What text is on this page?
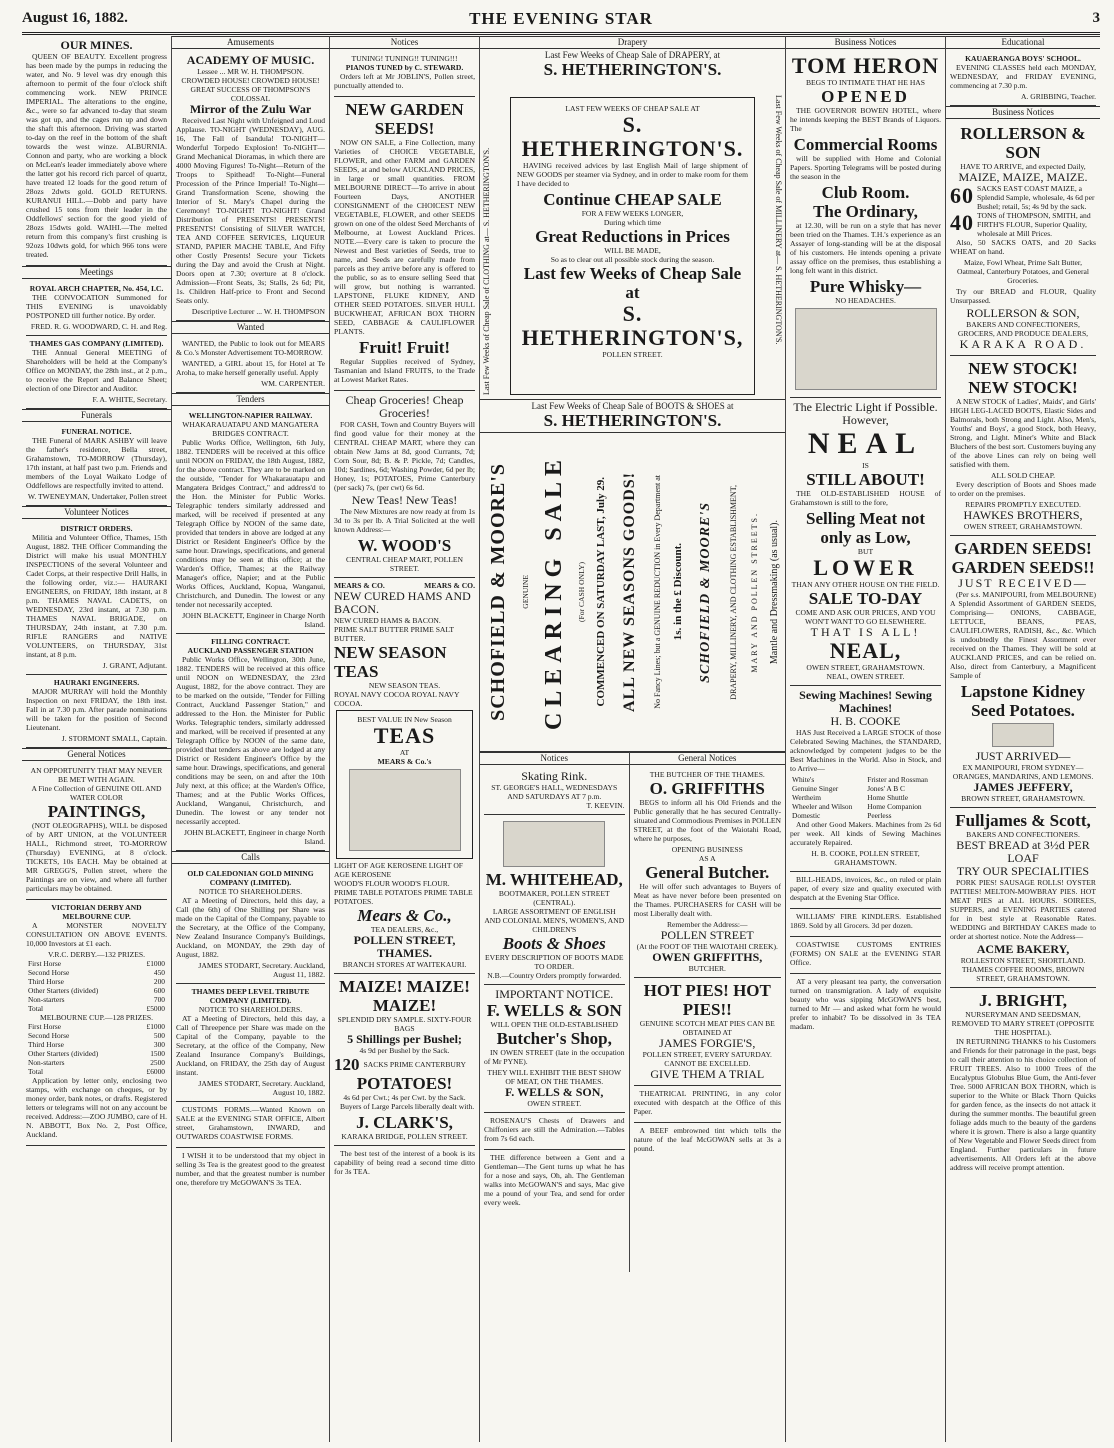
August 16, 1882.	THE EVENING STAR	3
OUR MINES.

QUEEN OF BEAUTY. Excellent progress has been made by the pumps in reducing the water, and No. 9 level was dry enough this afternoon to permit of the four o'clock shift commencing work. NEW PRINCE IMPERIAL. The alterations to the engine, &c., were so far advanced to-day that steam was got up, and the cages run up and down the shaft this afternoon. Driving was started to-day on the reef in the bottom of the shaft towards the west winze. ALBURNIA. Connon and party, who are working a block on McLean's leader immediately above where the latter got his record rich parcel of quartz, have treated 12 loads for the good return of 28ozs 2dwts gold. GOLD RETURNS. KURANUI HILL.—Dobb and party have crushed 15 tons from their leader in the Oddfellows' section for the good yield of 28ozs 15dwts gold. WAIHI.—The melted return from this company's first crushing is 92ozs 10dwts gold, for which 966 tons were treated.

Meetings
ROYAL ARCH CHAPTER, No. 454, I.C.

THE CONVOCATION Summoned for THIS EVENING is unavoidably POSTPONED till further notice. By order.

FRED. R. G. WOODWARD, C. H. and Reg.
THAMES GAS COMPANY (LIMITED).

THE Annual General MEETING of Shareholders will be held at the Company's Office on MONDAY, the 28th inst., at 2 p.m., to receive the Report and Balance Sheet; election of one Director and Auditor.

F. A. WHITE, Secretary.
Funerals
FUNERAL NOTICE.

THE Funeral of MARK ASHBY will leave the father's residence, Bella street, Grahamstown, TO-MORROW (Thursday), 17th instant, at half past two p.m. Friends and members of the Loyal Waikato Lodge of Oddfellows are respectfully invited to attend.

W. TWENEYMAN, Undertaker, Pollen street
Volunteer Notices
DISTRICT ORDERS.

Militia and Volunteer Office, Thames, 15th August, 1882. THE Officer Commanding the District will make his usual MONTHLY INSPECTIONS of the several Volunteer and Cadet Corps, at their respective Drill Halls, in the following order, viz.:— HAURAKI ENGINEERS, on FRIDAY, 18th instant, at 8 p.m. THAMES NAVAL CADETS, on WEDNESDAY, 23rd instant, at 7.30 p.m. THAMES NAVAL BRIGADE, on THURSDAY, 24th instant, at 7.30 p.m. RIFLE RANGERS and NATIVE VOLUNTEERS, on THURSDAY, 31st instant, at 8 p.m.

J. GRANT, Adjutant.
HAURAKI ENGINEERS.

MAJOR MURRAY will hold the Monthly Inspection on next FRIDAY, the 18th inst. Fall in at 7.30 p.m. After parade nominations will be taken for the position of Second Lieutenant.

J. STORMONT SMALL, Captain.
General Notices
AN OPPORTUNITY THAT MAY NEVER BE MET WITH AGAIN.
A Fine Collection of GENUINE OIL AND WATER COLOR
PAINTINGS,

(NOT OLEOGRAPHS), WILL be disposed of by ART UNION, at the VOLUNTEER HALL, Richmond street, TO-MORROW (Thursday) EVENING, at 8 o'clock. TICKETS, 10s EACH. May be obtained at MR GREGG'S, Pollen street, where the Paintings are on view, and where all further particulars may be obtained.

VICTORIAN DERBY AND MELBOURNE CUP.

A MONSTER NOVELTY CONSULTATION ON ABOVE EVENTS. 10,000 Investors at £1 each.

V.R.C. DERBY.—132 PRIZES.
First Horse	£1000
Second Horse	450
Third Horse	200
Other Starters (divided)	600
Non-starters	700
Total	£5000
MELBOURNE CUP.—128 PRIZES.
First Horse	£1000
Second Horse	500
Third Horse	300
Other Starters (divided)	1500
Non-starters	2500
Total	£6000

Application by letter only, enclosing two stamps, with exchange on cheques, or by money order, bank notes, or drafts. Registered letters or telegrams will not on any account be received. Address:—ZOO JUMBO, care of H. N. ABBOTT, Box No. 2, Post Office, Auckland.

Amusements
ACADEMY OF MUSIC.
Lessee ... MR W. H. THOMPSON.
CROWDED HOUSE! CROWDED HOUSE!
GREAT SUCCESS OF THOMPSON'S COLOSSAL
Mirror of the Zulu War

Received Last Night with Unfeigned and Loud Applause. TO-NIGHT (WEDNESDAY), AUG. 16, The Fall of Isandula! TO-NIGHT—Wonderful Torpedo Explosion! To-NIGHT—Grand Mechanical Dioramas, in which there are 4000 Moving Figures! To-Night—Return of the Troops to Spithead! To-Night—Funeral Procession of the Prince Imperial! To-Night—Grand Transformation Scene, showing the Interior of St. Mary's Chapel during the Ceremony! TO-NIGHT! TO-NIGHT! Grand Distribution of PRESENTS! PRESENTS! PRESENTS! Consisting of SILVER WATCH, TEA AND COFFEE SERVICES, LIQUEUR STAND, PAPIER MACHE TABLE, And Fifty other Costly Presents! Secure your Tickets during the Day and avoid the Crush at Night. Doors open at 7.30; overture at 8 o'clock. Admission—Front Seats, 3s; Stalls, 2s 6d; Pit, 1s. Children Half-price to Front and Second Seats only.

Descriptive Lecturer ... W. H. THOMPSON
Wanted

WANTED, the Public to look out for MEARS & Co.'s Monster Advertisement TO-MORROW.

WANTED, a GIRL about 15, for Hotel at Te Aroha, to make herself generally useful. Apply

WM. CARPENTER.
Tenders
WELLINGTON-NAPIER RAILWAY.
WHAKARAUATAPU AND MANGATERA BRIDGES CONTRACT.

Public Works Office, Wellington, 6th July, 1882. TENDERS will be received at this office until NOON on FRIDAY, the 18th August, 1882, for the above contract. They are to be marked on the outside, "Tender for Whakarauatapu and Mangatera Bridges Contract," and address'd to the Hon. the Minister for Public Works. Telegraphic tenders similarly addressed and marked, will be received if presented at any Telegraph Office by NOON of the same date, provided that tenders in above are lodged at any District or Resident Engineer's Office by the same hour. Drawings, specifications, and general conditions may be seen at this office; at the Warden's Office, Thames; at the Railway Manager's office, Napier; and at the Public Works Offices, Auckland, Kopua, Wanganui, Christchurch, and Dunedin. The lowest or any tender not necessarily accepted.

JOHN BLACKETT, Engineer in Charge North Island.
FILLING CONTRACT.
AUCKLAND PASSENGER STATION

Public Works Office, Wellington, 30th June, 1882. TENDERS will be received at this office until NOON on WEDNESDAY, the 23rd August, 1882, for the above contract. They are to be marked on the outside, "Tender for Filling Contract, Auckland Passenger Station," and addressed to the Hon. the Minister for Public Works. Telegraphic tenders, similarly addressed and marked, will be received if presented at any Telegraph Office by NOON of the same date, provided that tenders as above are lodged at any District or Resident Engineer's Office by the same hour. Drawings, specifications, and general conditions may be seen, on and after the 10th July next, at this office; at the Warden's Office, Thames; and at the Public Works Offices, Auckland, Wanganui, Christchurch, and Dunedin. The lowest or any tender not necessarily accepted.

JOHN BLACKETT, Engineer in charge North Island.
Calls
OLD CALEDONIAN GOLD MINING COMPANY (LIMITED).
NOTICE TO SHAREHOLDERS.

AT a Meeting of Directors, held this day, a Call (the 6th) of One Shilling per Share was made on the Capital of the Company, payable to the Secretary, at the Office of the Company, New Zealand Insurance Company's Buildings, Auckland, on MONDAY, the 29th day of August, 1882.

JAMES STODART, Secretary. Auckland, August 11, 1882.
THAMES DEEP LEVEL TRIBUTE COMPANY (LIMITED).
NOTICE TO SHAREHOLDERS.

AT a Meeting of Directors, held this day, a Call of Threepence per Share was made on the Capital of the Company, payable to the Secretary, at the office of the Company, New Zealand Insurance Company's Buildings, Auckland, on FRIDAY, the 25th day of August instant.

JAMES STODART, Secretary. Auckland, August 10, 1882.

CUSTOMS FORMS.—Wanted Known on SALE at the EVENING STAR OFFICE, Albert street, Grahamstown, INWARD, and OUTWARDS COASTWISE FORMS.

I WISH it to be understood that my object in selling 3s Tea is the greatest good to the greatest number, and that the greatest number is number one, therefore try McGOWAN'S 3s TEA.

Notices
TUNING! TUNING!! TUNING!!!
PIANOS TUNED by C. STEWARD.

Orders left at Mr JOBLIN'S, Pollen street, punctually attended to.

NEW GARDEN SEEDS!

NOW ON SALE, a Fine Collection, many Varieties of CHOICE VEGETABLE, FLOWER, and other FARM and GARDEN SEEDS, at and below AUCKLAND PRICES, in large or small quantities. FROM MELBOURNE DIRECT—To arrive in about Fourteen Days, ANOTHER CONSIGNMENT of the CHOICEST NEW VEGETABLE, FLOWER, and other SEEDS grown on one of the oldest Seed Merchants of Melbourne, at Lowest Auckland Prices. NOTE.—Every care is taken to procure the Newest and Best varieties of Seeds, true to name, and Seeds are carefully made from parcels as they arrive before any is offered to the public, so as to ensure selling Seed that will grow, but nothing is warranted. LAPSTONE, FLUKE KIDNEY, AND OTHER SEED POTATOES. SILVER HULL BUCKWHEAT, AFRICAN BOX THORN SEED, CABBAGE & CAULIFLOWER PLANTS.

Fruit! Fruit!

Regular Supplies received of Sydney, Tasmanian and Island FRUITS, to the Trade at Lowest Market Rates.

Cheap Groceries! Cheap Groceries!

FOR CASH, Town and Country Buyers will find good value for their money at the CENTRAL CHEAP MART, where they can obtain New Jams at 8d, good Currants, 7d; Corn Sour, 8d; B. & P. Pickle, 7d; Candles, 10d; Sardines, 6d; Washing Powder, 6d per lb; Honey, 1s; POTATOES, Prime Canterbury (per sack) 7s, (per cwt) 6s 6d.

New Teas! New Teas!

The New Mixtures are now ready at from 1s 3d to 3s per lb. A Trial Solicited at the well known Address:—

W. WOOD'S
CENTRAL CHEAP MART, POLLEN STREET.
MEARS & CO.	MEARS & CO.
NEW CURED HAMS AND BACON.
NEW CURED HAMS & BACON.
PRIME SALT BUTTER PRIME SALT BUTTER.
NEW SEASON TEAS
NEW SEASON TEAS.
ROYAL NAVY COCOA ROYAL NAVY COCOA.
BEST VALUE IN New Season
TEAS
AT
MEARS & Co.'s
LIGHT OF AGE KEROSENE LIGHT OF AGE KEROSENE
WOOD'S FLOUR WOOD'S FLOUR.
PRIME TABLE POTATOES PRIME TABLE POTATOES.
Mears & Co.,
TEA DEALERS, &c.,
POLLEN STREET, THAMES.
BRANCH STORES AT WAITEKAURI.
MAIZE! MAIZE! MAIZE!
SPLENDID DRY SAMPLE. SIXTY-FOUR BAGS
5 Shillings per Bushel;
4s 9d per Bushel by the Sack.
120 SACKS PRIME CANTERBURY
POTATOES!
4s 6d per Cwt.; 4s per Cwt. by the Sack.

Buyers of Large Parcels liberally dealt with.

J. CLARK'S,
KARAKA BRIDGE, POLLEN STREET.

The best test of the interest of a book is its capability of being read a second time ditto for 3s TEA.

Drapery
Last Few Weeks of Cheap Sale of DRAPERY, at
S. HETHERINGTON'S.
Last Few Weeks of Cheap Sale of CLOTHING at— S. HETHERINGTON'S.	Last Few Weeks of Cheap Sale of MILLINERY at— S. HETHERINGTON'S.
LAST FEW WEEKS OF CHEAP SALE AT
S. HETHERINGTON'S.

HAVING received advices by last English Mail of large shipment of NEW GOODS per steamer via Sydney, and in order to make room for them I have decided to

Continue CHEAP SALE
FOR A FEW WEEKS LONGER,
During which time
Great Reductions in Prices
WILL BE MADE,
So as to clear out all possible stock during the season.
Last few Weeks of Cheap Sale at
S. HETHERINGTON'S,
POLLEN STREET.
Last Few Weeks of Cheap Sale of BOOTS & SHOES at
S. HETHERINGTON'S.
SCHOFIELD & MOORE'S GENUINE CLEARING SALE (For CASH ONLY) COMMENCED ON SATURDAY LAST, July 29. ALL NEW SEASONS GOODS!	No Fancy Lines; but a GENUINE REDUCTION in Every Department at 1s. in the £ Discount. SCHOFIELD & MOORE'S	DRAPERY, MILLINERY, AND CLOTHING ESTABLISHMENT, MARY AND POLLEN STREETS. Mantle and Dressmaking (as usual).
Notices
Skating Rink.
ST. GEORGE'S HALL, WEDNESDAYS AND SATURDAYS AT 7 p.m.
T. KEEVIN.
M. WHITEHEAD,
BOOTMAKER, POLLEN STREET (CENTRAL).
LARGE ASSORTMENT OF ENGLISH AND COLONIAL MEN'S, WOMEN'S, AND CHILDREN'S
Boots & Shoes
EVERY DESCRIPTION OF BOOTS MADE TO ORDER.
N.B.—Country Orders promptly forwarded.
IMPORTANT NOTICE.
F. WELLS & SON
WILL OPEN THE OLD-ESTABLISHED
Butcher's Shop,

IN OWEN STREET (late in the occupation of Mr PYNE).

THEY WILL EXHIBIT THE BEST SHOW OF MEAT, ON THE THAMES.
F. WELLS & SON,
OWEN STREET.

ROSENAU'S Chests of Drawers and Chiffoniers are still the Admiration.—Tables from 7s 6d each.

THE difference between a Gent and a Gentleman—The Gent turns up what he has for a nose and says, Oh, ah. The Gentleman walks into McGOWAN'S and says, Mac give me a pound of your Tea, and send for order every week.

General Notices
THE BUTCHER OF THE THAMES.
O. GRIFFITHS

BEGS to inform all his Old Friends and the Public generally that he has secured Centrally-situated and Commodious Premises in POLLEN STREET, at the foot of the Waiotahi Road, where he purposes,

OPENING BUSINESS
AS A
General Butcher.

He will offer such advantages to Buyers of Meat as have never before been presented on the Thames. PURCHASERS for CASH will be most Liberally dealt with.

Remember the Address:—
POLLEN STREET
(At the FOOT OF THE WAIOTAHI CREEK).
OWEN GRIFFITHS,
BUTCHER.
HOT PIES! HOT PIES!!
GENUINE SCOTCH MEAT PIES CAN BE OBTAINED AT
JAMES FORGIE'S,
POLLEN STREET, EVERY SATURDAY.
CANNOT BE EXCELLED.
GIVE THEM A TRIAL

THEATRICAL PRINTING, in any color executed with despatch at the Office of this Paper.

A BEEF embrowned tint which tells the nature of the leaf McGOWAN sells at 3s a pound.

Business Notices
TOM HERON
BEGS TO INTIMATE THAT HE HAS
OPENED

THE GOVERNOR BOWEN HOTEL, where he intends keeping the BEST Brands of Liquors. The

Commercial Rooms

will be supplied with Home and Colonial Papers. Sporting Telegrams will be posted during the season in the

Club Room.
The Ordinary,

at 12.30, will be run on a style that has never been tried on the Thames. T.H.'s experience as an Assayer of long-standing will be at the disposal of his customers. He intends opening a private assay office on the premises, thus establishing a long felt want in this district.

Pure Whisky—
NO HEADACHES.
The Electric Light if Possible.
However,
NEAL
IS
STILL ABOUT!

THE OLD-ESTABLISHED HOUSE of Grahamstown is still to the fore,

Selling Meat not only as Low,
BUT
LOWER
THAN ANY OTHER HOUSE ON THE FIELD.
SALE TO-DAY
COME AND ASK OUR PRICES, AND YOU WON'T WANT TO GO ELSEWHERE.
THAT IS ALL!
NEAL,
OWEN STREET, GRAHAMSTOWN.
NEAL, OWEN STREET.
Sewing Machines! Sewing Machines!
H. B. COOKE

HAS Just Received a LARGE STOCK of those Celebrated Sewing Machines, the STANDARD, acknowledged by competent judges to be the Best Machines in the World. Also in Stock, and to Arrive—

White's	Frister and Rossman
Genuine Singer	Jones' A B C
Wertheim	Home Shuttle
Wheeler and Wilson	Home Companion
Domestic	Peerless

And other Good Makers. Machines from 2s 6d per week. All kinds of Sewing Machines accurately Repaired.

H. B. COOKE, POLLEN STREET, GRAHAMSTOWN.

BILL-HEADS, invoices, &c., on ruled or plain paper, of every size and quality executed with despatch at the Evening Star Office.

WILLIAMS' FIRE KINDLERS. Established 1869. Sold by all Grocers. 3d per dozen.

COASTWISE CUSTOMS ENTRIES (FORMS) ON SALE at the EVENING STAR Office.

AT a very pleasant tea party, the conversation turned on transmigration. A lady of exquisite beauty who was sipping McGOWAN'S best, turned to Mr — and asked what form he would prefer to inhabit? To be dissolved in 3s TEA madam.

Educational
KAUAERANGA BOYS' SCHOOL.

EVENING CLASSES held each MONDAY, WEDNESDAY, and FRIDAY EVENING, commencing at 7.30 p.m.

A. GRIBBING, Teacher.
Business Notices
ROLLERSON & SON
HAVE TO ARRIVE, and expected Daily,
MAIZE, MAIZE, MAIZE.
60 SACKS EAST COAST MAIZE, a Splendid Sample, wholesale, 4s 6d per Bushel; retail, 5s; 4s 9d by the sack.
40 TONS of THOMPSON, SMITH, and FIRTH'S FLOUR, Superior Quality, wholesale at Mill Prices.

Also, 50 SACKS OATS, and 20 Sacks WHEAT on hand.

Maize, Fowl Wheat, Prime Salt Butter, Oatmeal, Canterbury Potatoes, and General Groceries.

Try our BREAD and FLOUR, Quality Unsurpassed.

ROLLERSON & SON,
BAKERS AND CONFECTIONERS, GROCERS, AND PRODUCE DEALERS,
KARAKA ROAD.
NEW STOCK! NEW STOCK!

A NEW STOCK of Ladies', Maids', and Girls' HIGH LEG-LACED BOOTS, Elastic Sides and Balmorals, both Strong and Light. Also, Men's, Youths' and Boys', a good Stock, both Heavy, Strong, and Light. Miner's White and Black Bluchers of the best sort. Customers buying any of the above Lines can rely on being well satisfied with them.

ALL SOLD CHEAP.

Every description of Boots and Shoes made to order on the premises.

REPAIRS PROMPTLY EXECUTED.
HAWKES BROTHERS,
OWEN STREET, GRAHAMSTOWN.
GARDEN SEEDS! GARDEN SEEDS!!
JUST RECEIVED—

(Per s.s. MANIPOURI, from MELBOURNE) A Splendid Assortment of GARDEN SEEDS, Comprising— ONIONS, CABBAGE, LETTUCE, BEANS, PEAS, CAULIFLOWERS, RADISH, &c., &c. Which is undoubtedly the Finest Assortment ever received on the Thames. They will be sold at AUCKLAND PRICES, and can be relied on. Also, direct from Canterbury, a Magnificent Sample of

Lapstone Kidney Seed Potatoes.
JUST ARRIVED—
EX MANIPOURI, FROM SYDNEY— ORANGES, MANDARINS, AND LEMONS.
JAMES JEFFERY,
BROWN STREET, GRAHAMSTOWN.
Fulljames & Scott,
BAKERS AND CONFECTIONERS.
BEST BREAD at 3½d PER LOAF
TRY OUR SPECIALITIES

PORK PIES! SAUSAGE ROLLS! OYSTER PATTIES! MELTON-MOWBRAY PIES. HOT MEAT PIES at ALL HOURS. SOIREES, SUPPERS, and EVENING PARTIES catered for in best style at Reasonable Rates. WEDDING and BIRTHDAY CAKES made to order at shortest notice. Note the Address—

ACME BAKERY,
ROLLESTON STREET, SHORTLAND. THAMES COFFEE ROOMS, BROWN STREET, GRAHAMSTOWN.
J. BRIGHT,
NURSERYMAN AND SEEDSMAN, REMOVED TO MARY STREET (OPPOSITE THE HOSPITAL).

IN RETURNING THANKS to his Customers and Friends for their patronage in the past, begs to call their attention to his choice collection of FRUIT TREES. Also to 1000 Trees of the Eucalyptus Globulus Blue Gum, the Anti-fever Tree. 5000 AFRICAN BOX THORN, which is superior to the White or Black Thorn Quicks for garden fence, as the insects do not attack it during the summer months. The beautiful green foliage adds much to the beauty of the gardens where it is grown. There is also a large quantity of New Vegetable and Flower Seeds direct from England. Further particulars in future advertisements. All Orders left at the above address will receive prompt attention.
